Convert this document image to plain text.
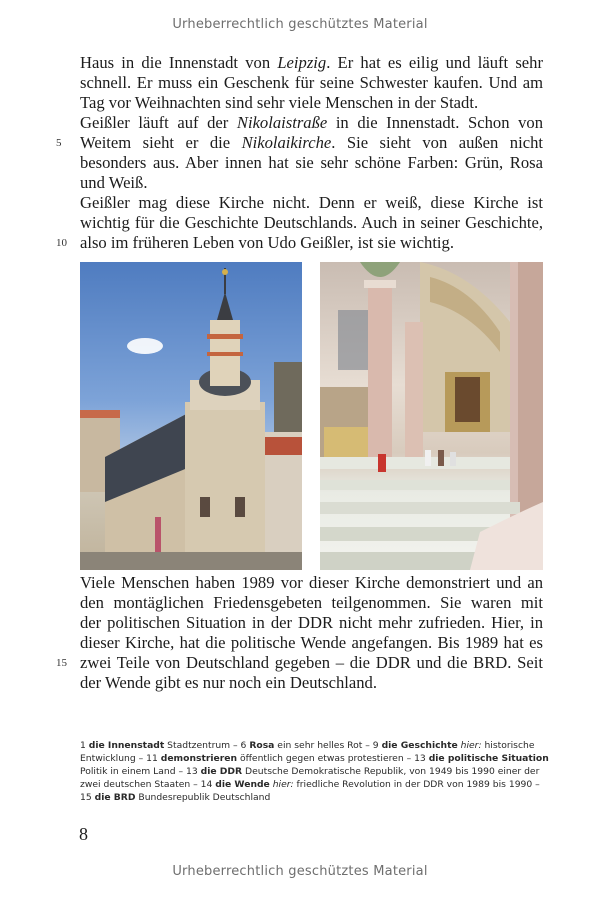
Urheberrechtlich geschütztes Material
Haus in die Innenstadt von Leipzig. Er hat es eilig und läuft sehr
schnell. Er muss ein Geschenk für seine Schwester kaufen. Und am
Tag vor Weihnachten sind sehr viele Menschen in der Stadt.
Geißler läuft auf der Nikolaistraße in die Innenstadt. Schon von
Weitem sieht er die Nikolaikirche. Sie sieht von außen nicht
besonders aus. Aber innen hat sie sehr schöne Farben: Grün, Rosa
und Weiß.
Geißler mag diese Kirche nicht. Denn er weiß, diese Kirche ist
wichtig für die Geschichte Deutschlands. Auch in seiner Geschichte,
also im früheren Leben von Udo Geißler, ist sie wichtig.
5
10
Viele Menschen haben 1989 vor dieser Kirche demonstriert und an
den montäglichen Friedensgebeten teilgenommen. Sie waren mit
der politischen Situation in der DDR nicht mehr zufrieden. Hier, in
dieser Kirche, hat die politische Wende angefangen. Bis 1989 hat es
zwei Teile von Deutschland gegeben – die DDR und die BRD. Seit
der Wende gibt es nur noch ein Deutschland.
15
1 die Innenstadt Stadtzentrum – 6 Rosa ein sehr helles Rot – 9 die Geschichte hier: historische
Entwicklung – 11 demonstrieren öffentlich gegen etwas protestieren – 13 die politische Situation
Politik in einem Land – 13 die DDR Deutsche Demokratische Republik, von 1949 bis 1990 einer der
zwei deutschen Staaten – 14 die Wende hier: friedliche Revolution in der DDR von 1989 bis 1990 –
15 die BRD Bundesrepublik Deutschland
8
Urheberrechtlich geschütztes Material
